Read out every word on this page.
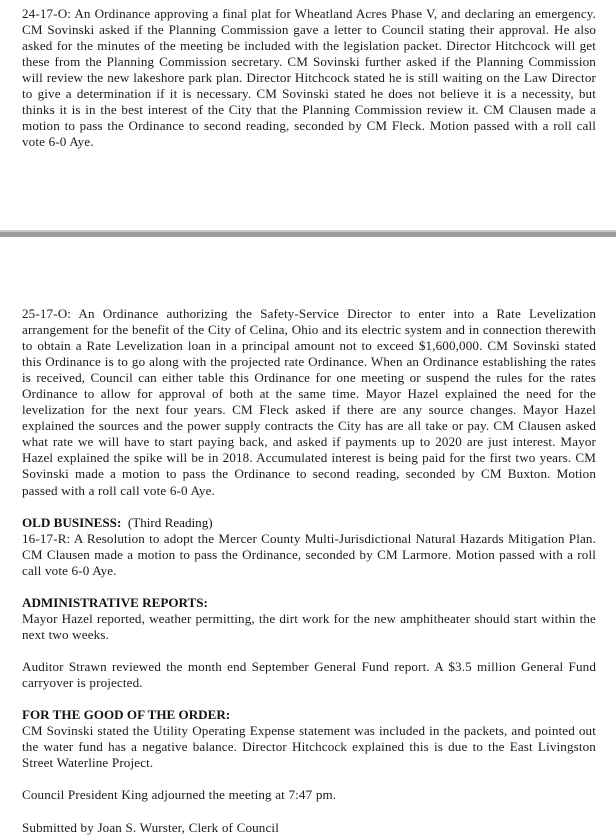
24-17-O: An Ordinance approving a final plat for Wheatland Acres Phase V, and declaring an emergency. CM Sovinski asked if the Planning Commission gave a letter to Council stating their approval. He also asked for the minutes of the meeting be included with the legislation packet. Director Hitchcock will get these from the Planning Commission secretary. CM Sovinski further asked if the Planning Commission will review the new lakeshore park plan. Director Hitchcock stated he is still waiting on the Law Director to give a determination if it is necessary. CM Sovinski stated he does not believe it is a necessity, but thinks it is in the best interest of the City that the Planning Commission review it. CM Clausen made a motion to pass the Ordinance to second reading, seconded by CM Fleck. Motion passed with a roll call vote 6-0 Aye.

25-17-O: An Ordinance authorizing the Safety-Service Director to enter into a Rate Levelization arrangement for the benefit of the City of Celina, Ohio and its electric system and in connection therewith to obtain a Rate Levelization loan in a principal amount not to exceed $1,600,000. CM Sovinski stated this Ordinance is to go along with the projected rate Ordinance. When an Ordinance establishing the rates is received, Council can either table this Ordinance for one meeting or suspend the rules for the rates Ordinance to allow for approval of both at the same time. Mayor Hazel explained the need for the levelization for the next four years. CM Fleck asked if there are any source changes. Mayor Hazel explained the sources and the power supply contracts the City has are all take or pay. CM Clausen asked what rate we will have to start paying back, and asked if payments up to 2020 are just interest. Mayor Hazel explained the spike will be in 2018. Accumulated interest is being paid for the first two years. CM Sovinski made a motion to pass the Ordinance to second reading, seconded by CM Buxton. Motion passed with a roll call vote 6-0 Aye.

OLD BUSINESS: (Third Reading)

16-17-R: A Resolution to adopt the Mercer County Multi-Jurisdictional Natural Hazards Mitigation Plan. CM Clausen made a motion to pass the Ordinance, seconded by CM Larmore. Motion passed with a roll call vote 6-0 Aye.

ADMINISTRATIVE REPORTS:

Mayor Hazel reported, weather permitting, the dirt work for the new amphitheater should start within the next two weeks.

Auditor Strawn reviewed the month end September General Fund report. A $3.5 million General Fund carryover is projected.

FOR THE GOOD OF THE ORDER:

CM Sovinski stated the Utility Operating Expense statement was included in the packets, and pointed out the water fund has a negative balance. Director Hitchcock explained this is due to the East Livingston Street Waterline Project.

Council President King adjourned the meeting at 7:47 pm.

Submitted by Joan S. Wurster, Clerk of Council
